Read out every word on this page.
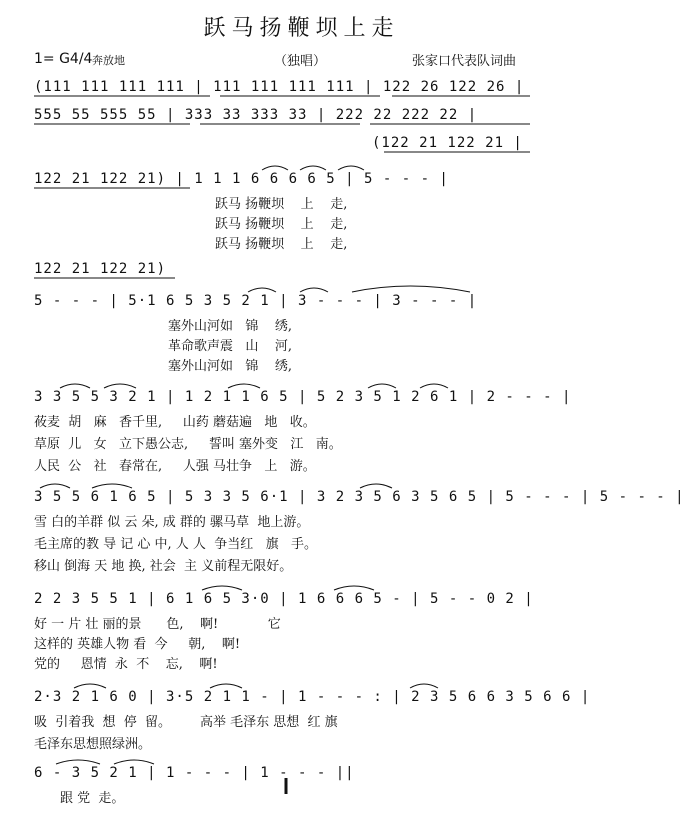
跃马扬鞭坝上走
1= G4/4 奔放地	（独唱）	张家口代表队词曲
(111 111 111 111 | 111 111 111 111 | 122 26 122 26 |
555 55 555 55 | 333 33 333 33 | 222 22 222 22 |
(122 21 122 21 |
122 21 122 21) | 1 1 1 6 6 6 6 5 | 5 - - - |
跃马 扬鞭坝    上    走,
跃马 扬鞭坝    上    走,
跃马 扬鞭坝    上    走,
122 21 122 21)
5 - - - | 5·1 6 5 3 5 2 1 | 3 - - - | 3 - - - |
塞外山河如   锦    绣,
革命歌声震   山    河,
塞外山河如   锦    绣,
3 3 5 5 3 2 1 | 1 2 1 1 6 5 | 5 2 3 5 1 2 6 1 | 2 - - - |
莜麦  胡   麻   香千里,     山药 蘑菇遍   地   收。
草原  儿   女   立下愚公志,     誓叫 塞外变   江   南。
人民  公   社   春常在,     人强 马壮争   上   游。
3 5 5 6 1 6 5 | 5 3 3 5 6·1 | 3 2 3 5 6 3 5 6 5 | 5 - - - | 5 - - - |
雪 白的羊群 似 云 朵, 成 群的 骡马草  地上游。
毛主席的教 导 记 心 中, 人 人  争当红   旗   手。
移山 倒海 天 地 换, 社会  主 义前程无限好。
2 2 3 5 5 1 | 6 1 6 5 3·0 | 1 6 6 6 5 - | 5 - - 0 2 |
好 一 片 壮 丽的景      色,    啊!            它
这样的 英雄人物 看  今     朝,    啊!
党的     恩情  永  不    忘,    啊!
2·3 2 1 6 0 | 3·5 2 1 1 - | 1 - - - : | 2 3 5 6 6 3 5 6 6 |
吸  引着我  想  停  留。       高举 毛泽东 思想  红 旗
毛泽东思想照绿洲。
6 - 3 5 2 1 | 1 - - - | 1 - - - ||
跟 党  走。
